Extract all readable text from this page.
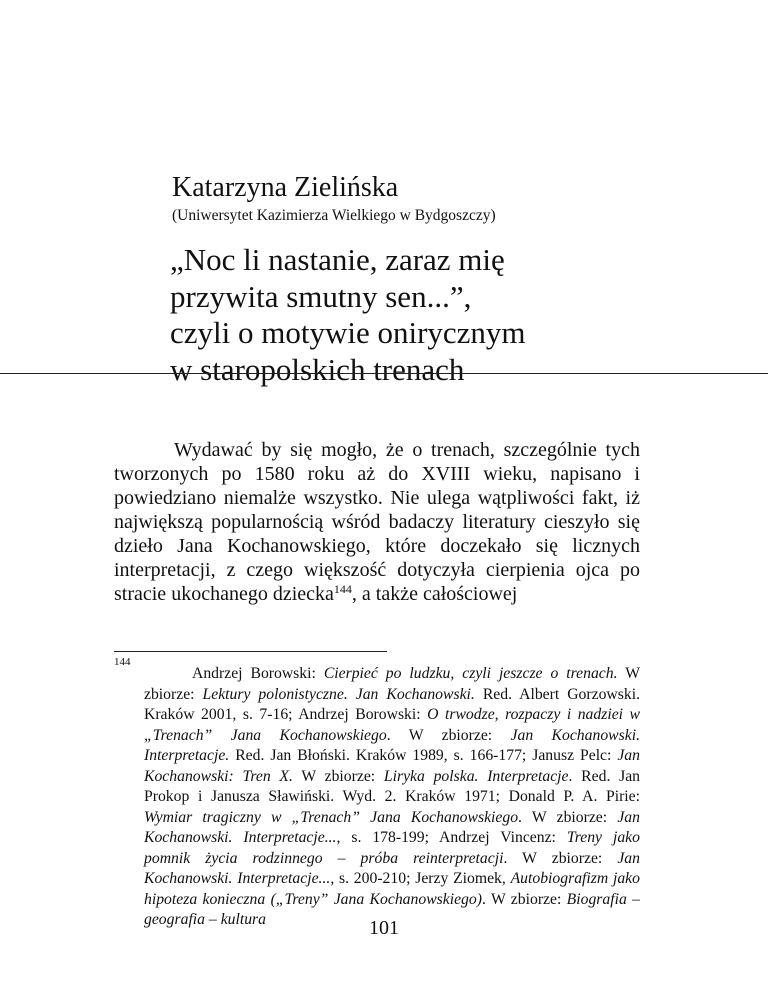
Katarzyna Zielińska
(Uniwersytet Kazimierza Wielkiego w Bydgoszczy)
„Noc li nastanie, zaraz mię
przywita smutny sen...”,
czyli o motywie onirycznym
w staropolskich trenach
Wydawać by się mogło, że o trenach, szczególnie tych tworzonych po 1580 roku aż do XVIII wieku, napisano i powiedziano niemalże wszystko. Nie ulega wątpliwości fakt, iż największą popularnością wśród badaczy literatury cieszyło się dzieło Jana Kochanowskiego, które doczekało się licznych interpretacji, z czego większość dotyczyła cierpienia ojca po stracie ukochanego dziecka$^{144}$, a także całościowej
144
Andrzej Borowski: Cierpieć po ludzku, czyli jeszcze o trenach. W zbiorze: Lektury polonistyczne. Jan Kochanowski. Red. Albert Gorzowski. Kraków 2001, s. 7-16; Andrzej Borowski: O trwodze, rozpaczy i nadziei w „Trenach” Jana Kochanowskiego. W zbiorze: Jan Kochanowski. Interpretacje. Red. Jan Błoński. Kraków 1989, s. 166-177; Janusz Pelc: Jan Kochanowski: Tren X. W zbiorze: Liryka polska. Interpretacje. Red. Jan Prokop i Janusza Sławiński. Wyd. 2. Kraków 1971; Donald P. A. Pirie: Wymiar tragiczny w „Trenach” Jana Kochanowskiego. W zbiorze: Jan Kochanowski. Interpretacje..., s. 178-199; Andrzej Vincenz: Treny jako pomnik życia rodzinnego – próba reinterpretacji. W zbiorze: Jan Kochanowski. Interpretacje..., s. 200-210; Jerzy Ziomek, Autobiografizm jako hipoteza konieczna („Treny” Jana Kochanowskiego). W zbiorze: Biografia – geografia – kultura	101
